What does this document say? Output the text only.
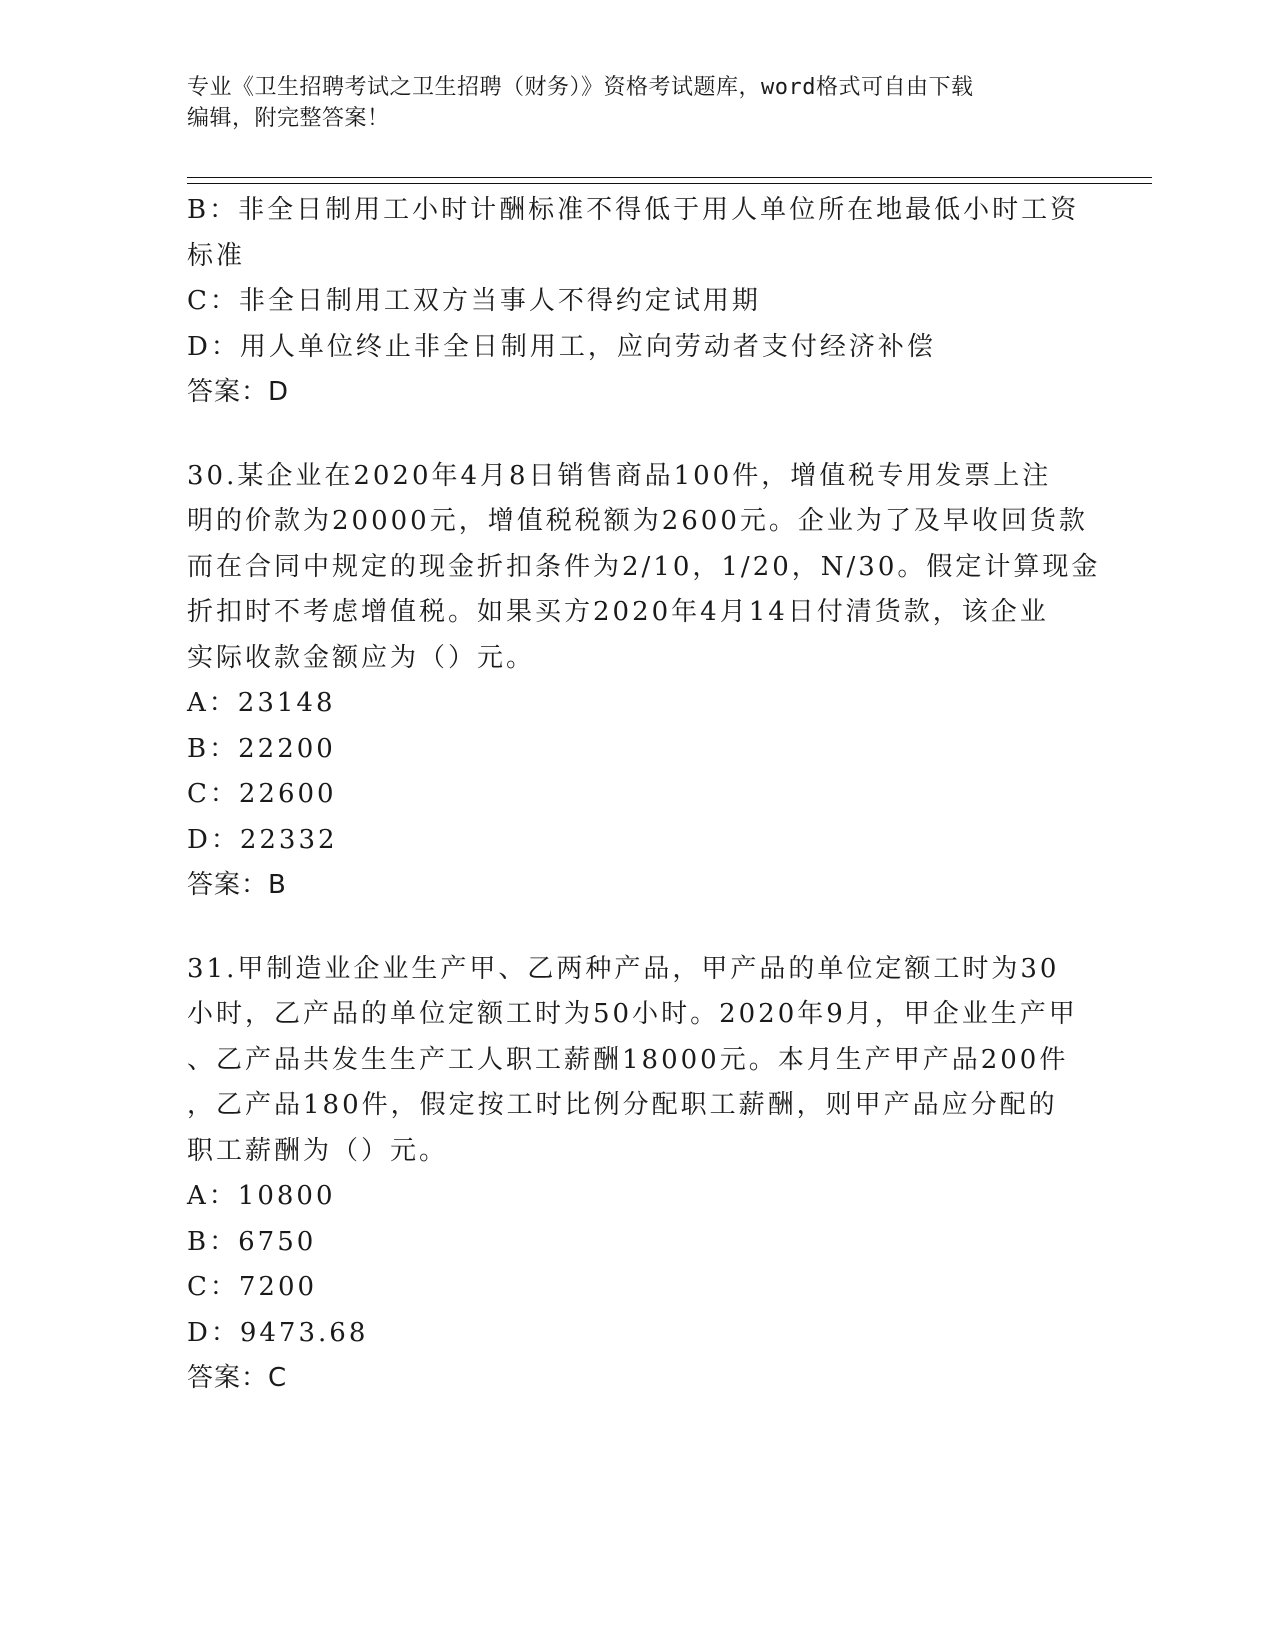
专业《卫生招聘考试之卫生招聘（财务）》资格考试题库，word格式可自由下载
编辑，附完整答案！
B：非全日制用工小时计酬标准不得低于用人单位所在地最低小时工资
标准
C：非全日制用工双方当事人不得约定试用期
D：用人单位终止非全日制用工，应向劳动者支付经济补偿
答案：D
30.某企业在2020年4月8日销售商品100件，增值税专用发票上注
明的价款为20000元，增值税税额为2600元。企业为了及早收回货款
而在合同中规定的现金折扣条件为2/10，1/20，N/30。假定计算现金
折扣时不考虑增值税。如果买方2020年4月14日付清货款，该企业
实际收款金额应为（）元。
A：23148
B：22200
C：22600
D：22332
答案：B
31.甲制造业企业生产甲、乙两种产品，甲产品的单位定额工时为30
小时，乙产品的单位定额工时为50小时。2020年9月，甲企业生产甲
、乙产品共发生生产工人职工薪酬18000元。本月生产甲产品200件
，乙产品180件，假定按工时比例分配职工薪酬，则甲产品应分配的
职工薪酬为（）元。
A：10800
B：6750
C：7200
D：9473.68
答案：C
